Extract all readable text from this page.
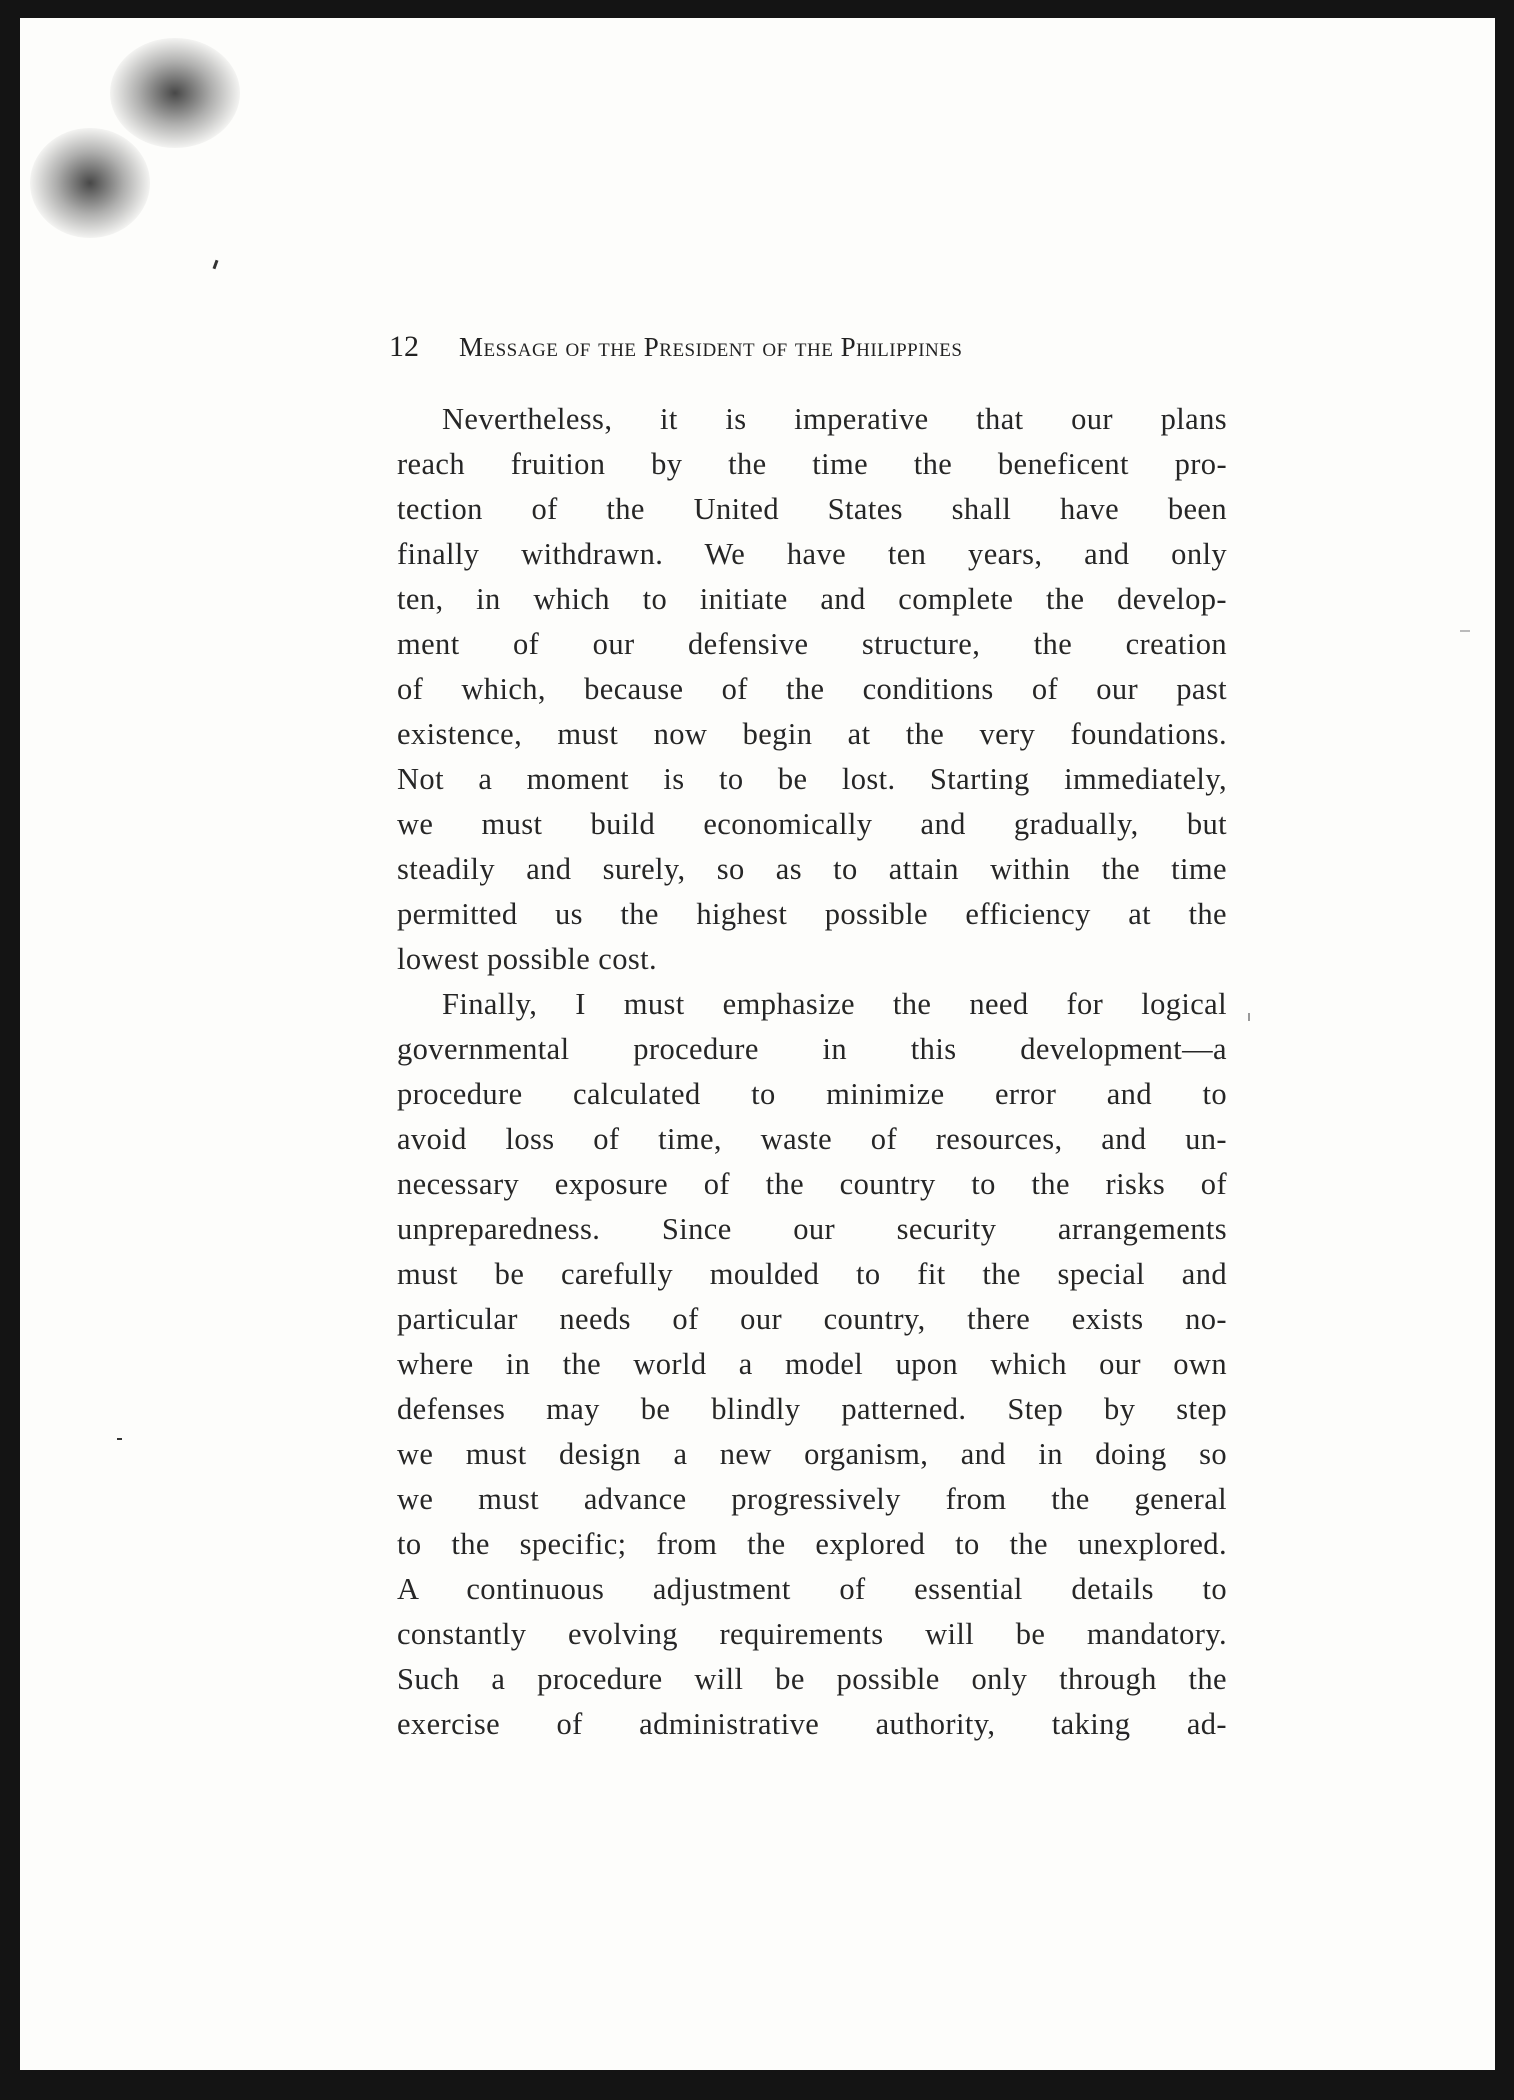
12 Message of the President of the Philippines
Nevertheless, it is imperative that our plans
reach fruition by the time the beneficent pro-
tection of the United States shall have been
finally withdrawn. We have ten years, and only
ten, in which to initiate and complete the develop-
ment of our defensive structure, the creation
of which, because of the conditions of our past
existence, must now begin at the very foundations.
Not a moment is to be lost. Starting immediately,
we must build economically and gradually, but
steadily and surely, so as to attain within the time
permitted us the highest possible efficiency at the
lowest possible cost.
Finally, I must emphasize the need for logical
governmental procedure in this development—a
procedure calculated to minimize error and to
avoid loss of time, waste of resources, and un-
necessary exposure of the country to the risks of
unpreparedness. Since our security arrangements
must be carefully moulded to fit the special and
particular needs of our country, there exists no-
where in the world a model upon which our own
defenses may be blindly patterned. Step by step
we must design a new organism, and in doing so
we must advance progressively from the general
to the specific; from the explored to the unexplored.
A continuous adjustment of essential details to
constantly evolving requirements will be mandatory.
Such a procedure will be possible only through the
exercise of administrative authority, taking ad-
